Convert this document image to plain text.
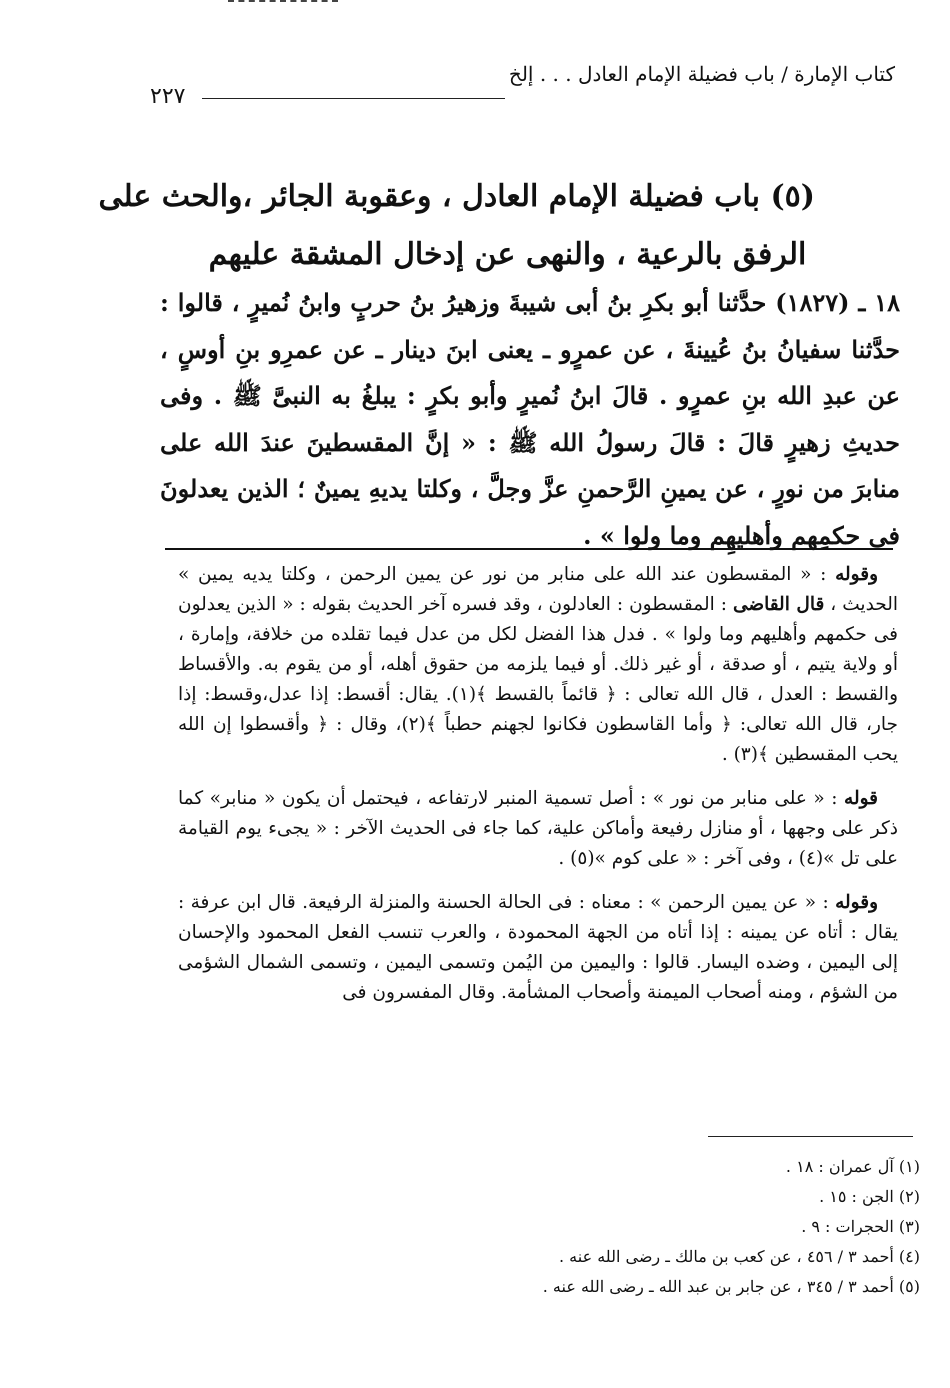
كتاب الإمارة / باب فضيلة الإمام العادل . . . إلخ
٢٢٧
(٥) باب فضيلة الإمام العادل ، وعقوبة الجائر ،والحث على
الرفق بالرعية ، والنهى عن إدخال المشقة عليهم
١٨ ـ (١٨٢٧) حدَّثنا أبو بكرِ بنُ أبى شيبةَ وزهيرُ بنُ حربٍ وابنُ نُميرٍ ، قالوا : حدَّثنا سفيانُ بنُ عُيينةَ ، عن عمرٍو ـ يعنى ابنَ دينار ـ عن عمرِو بنِ أوسٍ ، عن عبدِ الله بنِ عمرٍو . قالَ ابنُ نُميرٍ وأبو بكرٍ : يبلغُ به النبىَّ ﷺ . وفى حديثِ زهيرٍ قالَ : قالَ رسولُ الله ﷺ : « إنَّ المقسطينَ عندَ الله على منابرَ من نورٍ ، عن يمينِ الرَّحمنِ عزَّ وجلَّ ، وكلتا يديهِ يمينٌ ؛ الذين يعدلونَ فى حكمِهم وأهليهِم وما ولوا » .

وقوله : « المقسطون عند الله على منابر من نور عن يمين الرحمن ، وكلتا يديه يمين » الحديث ، قال القاضى : المقسطون : العادلون ، وقد فسره آخر الحديث بقوله : « الذين يعدلون فى حكمهم وأهليهم وما ولوا » . فدل هذا الفضل لكل من عدل فيما تقلده من خلافة، وإمارة ، أو ولاية يتيم ، أو صدقة ، أو غير ذلك. أو فيما يلزمه من حقوق أهله، أو من يقوم به. والأقساط والقسط : العدل ، قال الله تعالى : ﴿ قائماً بالقسط ﴾(١). يقال: أقسط: إذا عدل،وقسط: إذا جار، قال الله تعالى: ﴿ وأما القاسطون فكانوا لجهنم حطباً ﴾(٢)، وقال : ﴿ وأقسطوا إن الله يحب المقسطين ﴾(٣) .

قوله : « على منابر من نور » : أصل تسمية المنبر لارتفاعه ، فيحتمل أن يكون « منابر» كما ذكر على وجهها ، أو منازل رفيعة وأماكن علية، كما جاء فى الحديث الآخر : « يجىء يوم القيامة على تل »(٤) ، وفى آخر : « على كوم »(٥) .

وقوله : « عن يمين الرحمن » : معناه : فى الحالة الحسنة والمنزلة الرفيعة. قال ابن عرفة : يقال : أتاه عن يمينه : إذا أتاه من الجهة المحمودة ، والعرب تنسب الفعل المحمود والإحسان إلى اليمين ، وضده اليسار. قالوا : واليمين من اليُمن وتسمى اليمين ، وتسمى الشمال الشؤمى من الشؤم ، ومنه أصحاب الميمنة وأصحاب المشأمة. وقال المفسرون فى

(١) آل عمران : ١٨ .
(٢) الجن : ١٥ .
(٣) الحجرات : ٩ .
(٤) أحمد ٣ / ٤٥٦ ، عن كعب بن مالك ـ رضى الله عنه .
(٥) أحمد ٣ / ٣٤٥ ، عن جابر بن عبد الله ـ رضى الله عنه .
